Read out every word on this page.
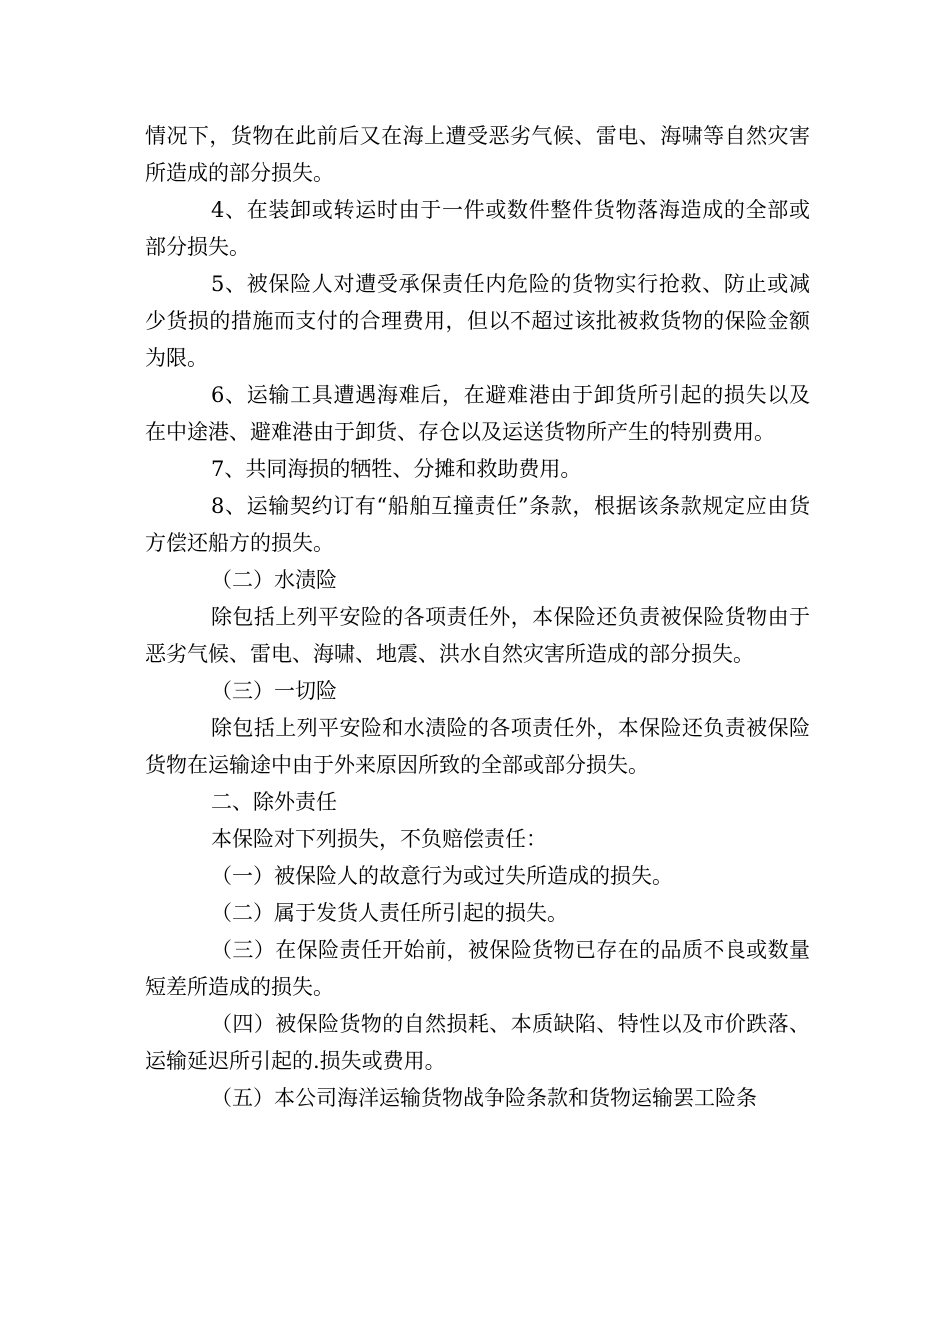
情况下，货物在此前后又在海上遭受恶劣气候、雷电、海啸等自然灾害所造成的部分损失。

4、在装卸或转运时由于一件或数件整件货物落海造成的全部或部分损失。

5、被保险人对遭受承保责任内危险的货物实行抢救、防止或减少货损的措施而支付的合理费用，但以不超过该批被救货物的保险金额为限。

6、运输工具遭遇海难后，在避难港由于卸货所引起的损失以及在中途港、避难港由于卸货、存仓以及运送货物所产生的特别费用。

7、共同海损的牺牲、分摊和救助费用。

8、运输契约订有“船舶互撞责任”条款，根据该条款规定应由货方偿还船方的损失。

（二）水渍险

除包括上列平安险的各项责任外，本保险还负责被保险货物由于恶劣气候、雷电、海啸、地震、洪水自然灾害所造成的部分损失。

（三）一切险

除包括上列平安险和水渍险的各项责任外，本保险还负责被保险货物在运输途中由于外来原因所致的全部或部分损失。

二、除外责任

本保险对下列损失，不负赔偿责任：

（一）被保险人的故意行为或过失所造成的损失。

（二）属于发货人责任所引起的损失。

（三）在保险责任开始前，被保险货物已存在的品质不良或数量短差所造成的损失。

（四）被保险货物的自然损耗、本质缺陷、特性以及市价跌落、运输延迟所引起的.损失或费用。

（五）本公司海洋运输货物战争险条款和货物运输罢工险条
